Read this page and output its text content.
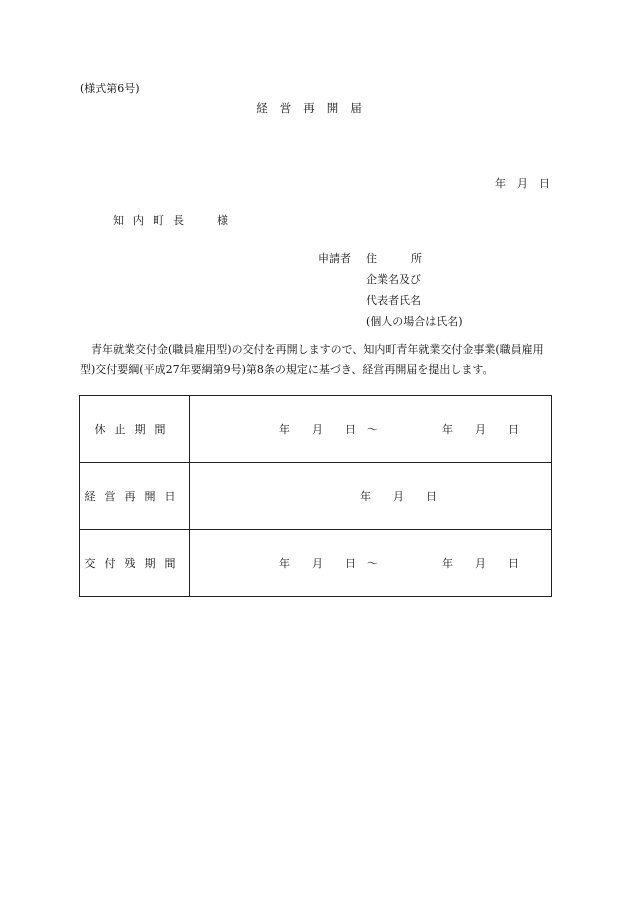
(様式第6号)
経営再開届
年　月　日
知内町長 様
申請者 住所
企業名及び
代表者氏名
(個人の場合は氏名)
青年就業交付金(職員雇用型)の交付を再開しますので、知内町青年就業交付金事業(職員雇用型)交付要綱(平成27年要綱第9号)第8条の規定に基づき、経営再開届を提出します。
休止期間	年　　月　　日　〜 年　　月　　日

経営再開日	年　　月　　日

交付残期間	年　　月　　日　〜 年　　月　　日
